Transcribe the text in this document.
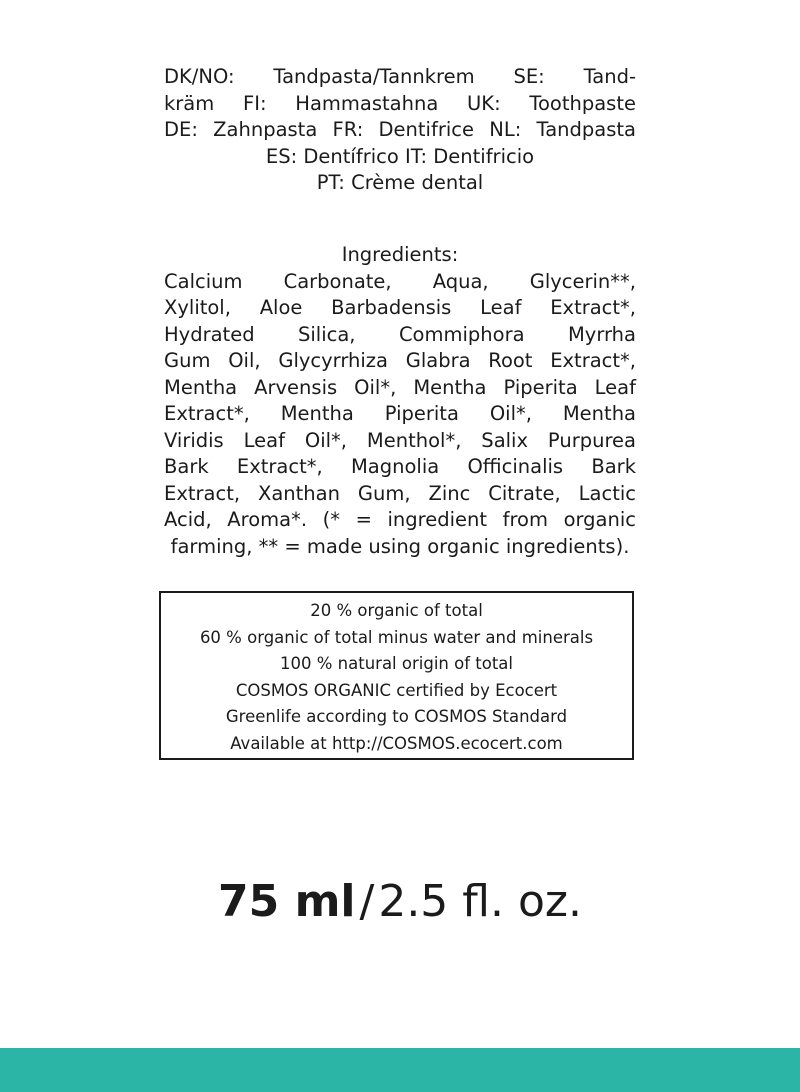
DK/NO: Tandpasta/Tannkrem SE: Tand-
kräm FI: Hammastahna UK: Toothpaste
DE: Zahnpasta FR: Dentifrice NL: Tandpasta
ES: Dentífrico IT: Dentifricio
PT: Crème dental
Ingredients:
Calcium Carbonate, Aqua, Glycerin**,
Xylitol, Aloe Barbadensis Leaf Extract*,
Hydrated Silica, Commiphora Myrrha
Gum Oil, Glycyrrhiza Glabra Root Extract*,
Mentha Arvensis Oil*, Mentha Piperita Leaf
Extract*, Mentha Piperita Oil*, Mentha
Viridis Leaf Oil*, Menthol*, Salix Purpurea
Bark Extract*, Magnolia Officinalis Bark
Extract, Xanthan Gum, Zinc Citrate, Lactic
Acid, Aroma*. (* = ingredient from organic
farming, ** = made using organic ingredients).
20 % organic of total
60 % organic of total minus water and minerals
100 % natural origin of total
COSMOS ORGANIC certified by Ecocert
Greenlife according to COSMOS Standard
Available at http://COSMOS.ecocert.com
75 ml/2.5 fl. oz.
